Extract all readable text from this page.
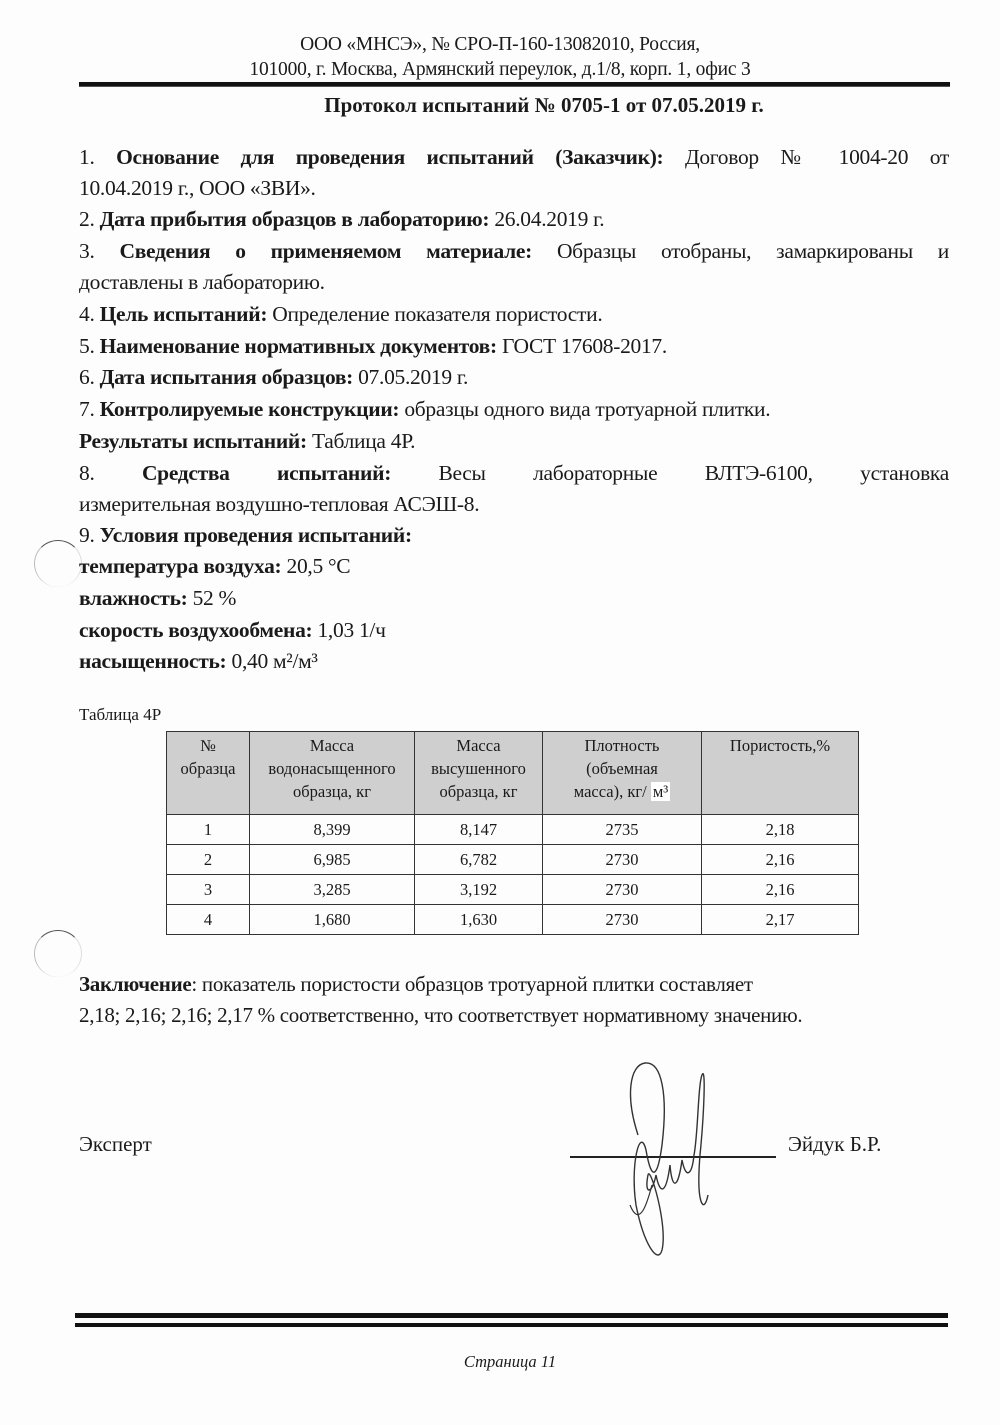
ООО «МНСЭ», № СРО-П-160-13082010, Россия,
101000, г. Москва, Армянский переулок, д.1/8, корп. 1, офис 3
Протокол испытаний № 0705-1 от 07.05.2019 г.
1. Основание для проведения испытаний (Заказчик): Договор № 1004-20 от
10.04.2019 г., ООО «ЗВИ».
2. Дата прибытия образцов в лабораторию: 26.04.2019 г.
3. Сведения о применяемом материале: Образцы отобраны, замаркированы и
доставлены в лабораторию.
4. Цель испытаний: Определение показателя пористости.
5. Наименование нормативных документов: ГОСТ 17608-2017.
6. Дата испытания образцов: 07.05.2019 г.
7. Контролируемые конструкции: образцы одного вида тротуарной плитки.
Результаты испытаний: Таблица 4Р.
8. Средства испытаний: Весы лабораторные ВЛТЭ-6100, установка
измерительная воздушно-тепловая АСЭШ-8.
9. Условия проведения испытаний:
температура воздуха: 20,5 °С
влажность: 52 %
скорость воздухообмена: 1,03 1/ч
насыщенность: 0,40 м²/м³
Таблица 4Р
№
образца	Масса
водонасыщенного
образца, кг	Масса
высушенного
образца, кг	Плотность
(объемная
масса), кг/ м³	Пористость,%
1	8,399	8,147	2735	2,18
2	6,985	6,782	2730	2,16
3	3,285	3,192	2730	2,16
4	1,680	1,630	2730	2,17
Заключение: показатель пористости образцов тротуарной плитки составляет
2,18; 2,16; 2,16; 2,17 % соответственно, что соответствует нормативному значению.
Эксперт	Эйдук Б.Р.
Страница 11
